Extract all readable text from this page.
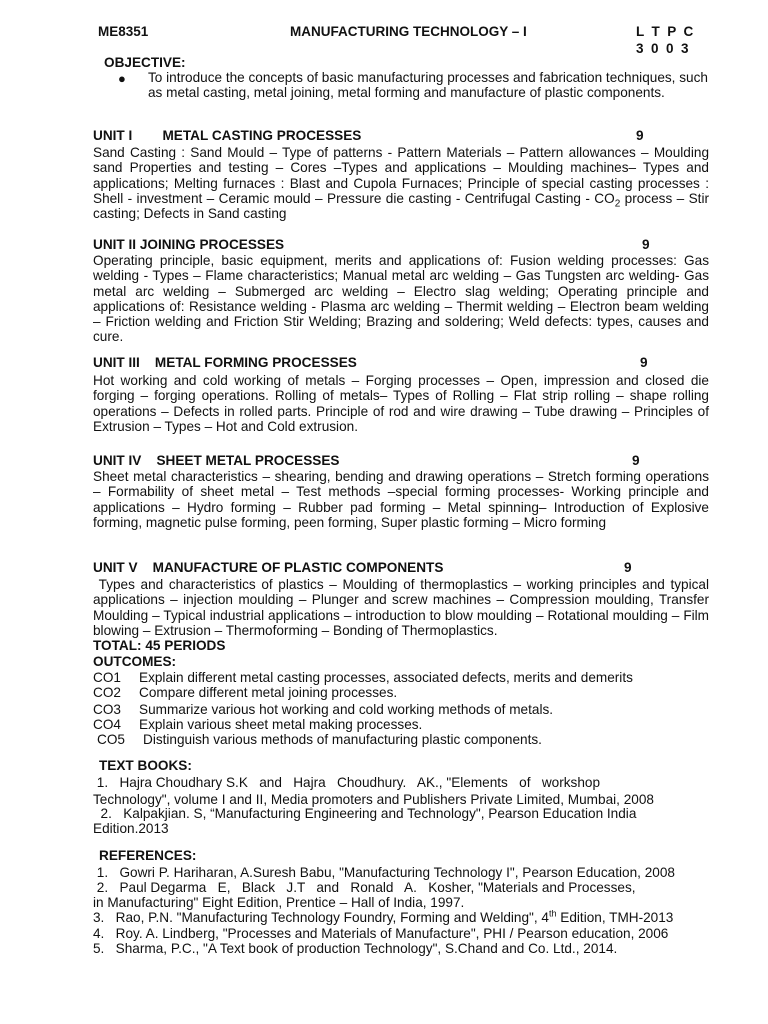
ME8351	MANUFACTURING TECHNOLOGY – I	L  T  P  C
3  0  0  3
OBJECTIVE:
● To introduce the concepts of basic manufacturing processes and fabrication techniques, such as metal casting, metal joining, metal forming and manufacture of plastic components.
UNIT I        METAL CASTING PROCESSES	9

Sand Casting : Sand Mould – Type of patterns - Pattern Materials – Pattern allowances – Moulding sand Properties and testing – Cores –Types and applications – Moulding machines– Types and applications; Melting furnaces : Blast and Cupola Furnaces; Principle of special casting processes : Shell - investment – Ceramic mould – Pressure die casting - Centrifugal Casting - $CO_2$ process – Stir casting; Defects in Sand casting

UNIT II JOINING PROCESSES	9

Operating principle, basic equipment, merits and applications of: Fusion welding processes: Gas welding - Types – Flame characteristics; Manual metal arc welding – Gas Tungsten arc welding- Gas metal arc welding – Submerged arc welding – Electro slag welding; Operating principle and applications of: Resistance welding - Plasma arc welding – Thermit welding – Electron beam welding – Friction welding and Friction Stir Welding; Brazing and soldering; Weld defects: types, causes and cure.

UNIT III    METAL FORMING PROCESSES	9

Hot working and cold working of metals – Forging processes – Open, impression and closed die forging – forging operations. Rolling of metals– Types of Rolling – Flat strip rolling – shape rolling operations – Defects in rolled parts. Principle of rod and wire drawing – Tube drawing – Principles of Extrusion – Types – Hot and Cold extrusion.

UNIT IV    SHEET METAL PROCESSES	9

Sheet metal characteristics – shearing, bending and drawing operations – Stretch forming operations – Formability of sheet metal – Test methods –special forming processes- Working principle and applications – Hydro forming – Rubber pad forming – Metal spinning– Introduction of Explosive forming, magnetic pulse forming, peen forming, Super plastic forming – Micro forming

UNIT V    MANUFACTURE OF PLASTIC COMPONENTS	9

Types and characteristics of plastics – Moulding of thermoplastics – working principles and typical applications – injection moulding – Plunger and screw machines – Compression moulding, Transfer Moulding – Typical industrial applications – introduction to blow moulding – Rotational moulding – Film blowing – Extrusion – Thermoforming – Bonding of Thermoplastics.

TOTAL: 45 PERIODS
OUTCOMES:
CO1 Explain different metal casting processes, associated defects, merits and demerits
CO2 Compare different metal joining processes.
CO3 Summarize various hot working and cold working methods of metals.
CO4 Explain various sheet metal making processes.
CO5 Distinguish various methods of manufacturing plastic components.
TEXT BOOKS:
1.   Hajra Choudhary S.K   and   Hajra   Choudhury.   AK., "Elements   of   workshop
Technology", volume I and II, Media promoters and Publishers Private Limited, Mumbai, 2008
2.   Kalpakjian. S, “Manufacturing Engineering and Technology", Pearson Education India
Edition.2013
REFERENCES:
1.   Gowri P. Hariharan, A.Suresh Babu, "Manufacturing Technology I", Pearson Education, 2008
2.   Paul Degarma   E,   Black   J.T   and   Ronald   A.   Kosher, "Materials and Processes,
in Manufacturing" Eight Edition, Prentice – Hall of India, 1997.
3.   Rao, P.N. "Manufacturing Technology Foundry, Forming and Welding", 4th Edition, TMH-2013
4.   Roy. A. Lindberg, "Processes and Materials of Manufacture", PHI / Pearson education, 2006
5.   Sharma, P.C., "A Text book of production Technology", S.Chand and Co. Ltd., 2014.
